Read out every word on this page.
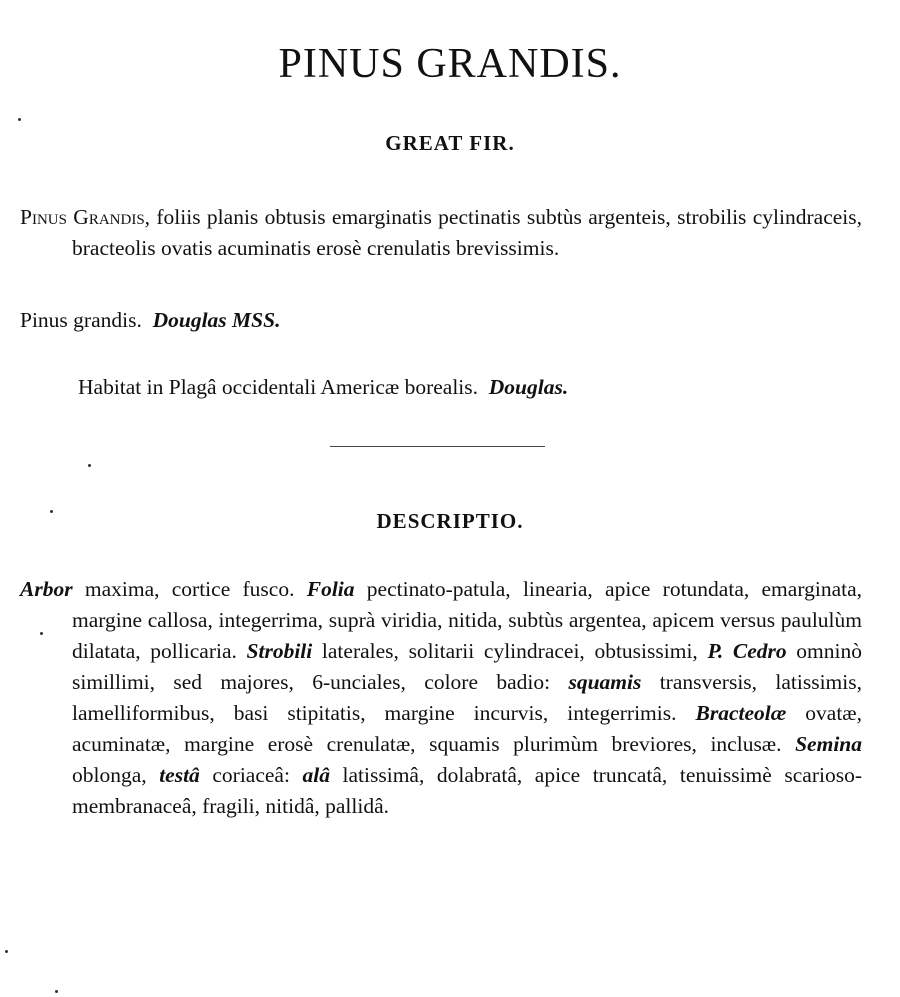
PINUS GRANDIS.
GREAT FIR.

Pinus Grandis, foliis planis obtusis emarginatis pectinatis subtùs argenteis, strobilis cylindraceis, bracteolis ovatis acuminatis erosè crenulatis brevissimis.

Pinus grandis. Douglas MSS.

Habitat in Plagâ occidentali Americæ borealis. Douglas.

DESCRIPTIO.

Arbor maxima, cortice fusco. Folia pectinato-patula, linearia, apice rotundata, emarginata, margine callosa, integerrima, suprà viridia, nitida, subtùs argentea, apicem versus paululùm dilatata, pollicaria. Strobili laterales, solitarii cylindracei, obtusissimi, P. Cedro omninò simillimi, sed majores, 6-unciales, colore badio: squamis transversis, latissimis, lamelliformibus, basi stipitatis, margine incurvis, integerrimis. Bracteolæ ovatæ, acuminatæ, margine erosè crenulatæ, squamis plurimùm breviores, inclusæ. Semina oblonga, testâ coriaceâ: alâ latissimâ, dolabratâ, apice truncatâ, tenuissimè scarioso-membranaceâ, fragili, nitidâ, pallidâ.
